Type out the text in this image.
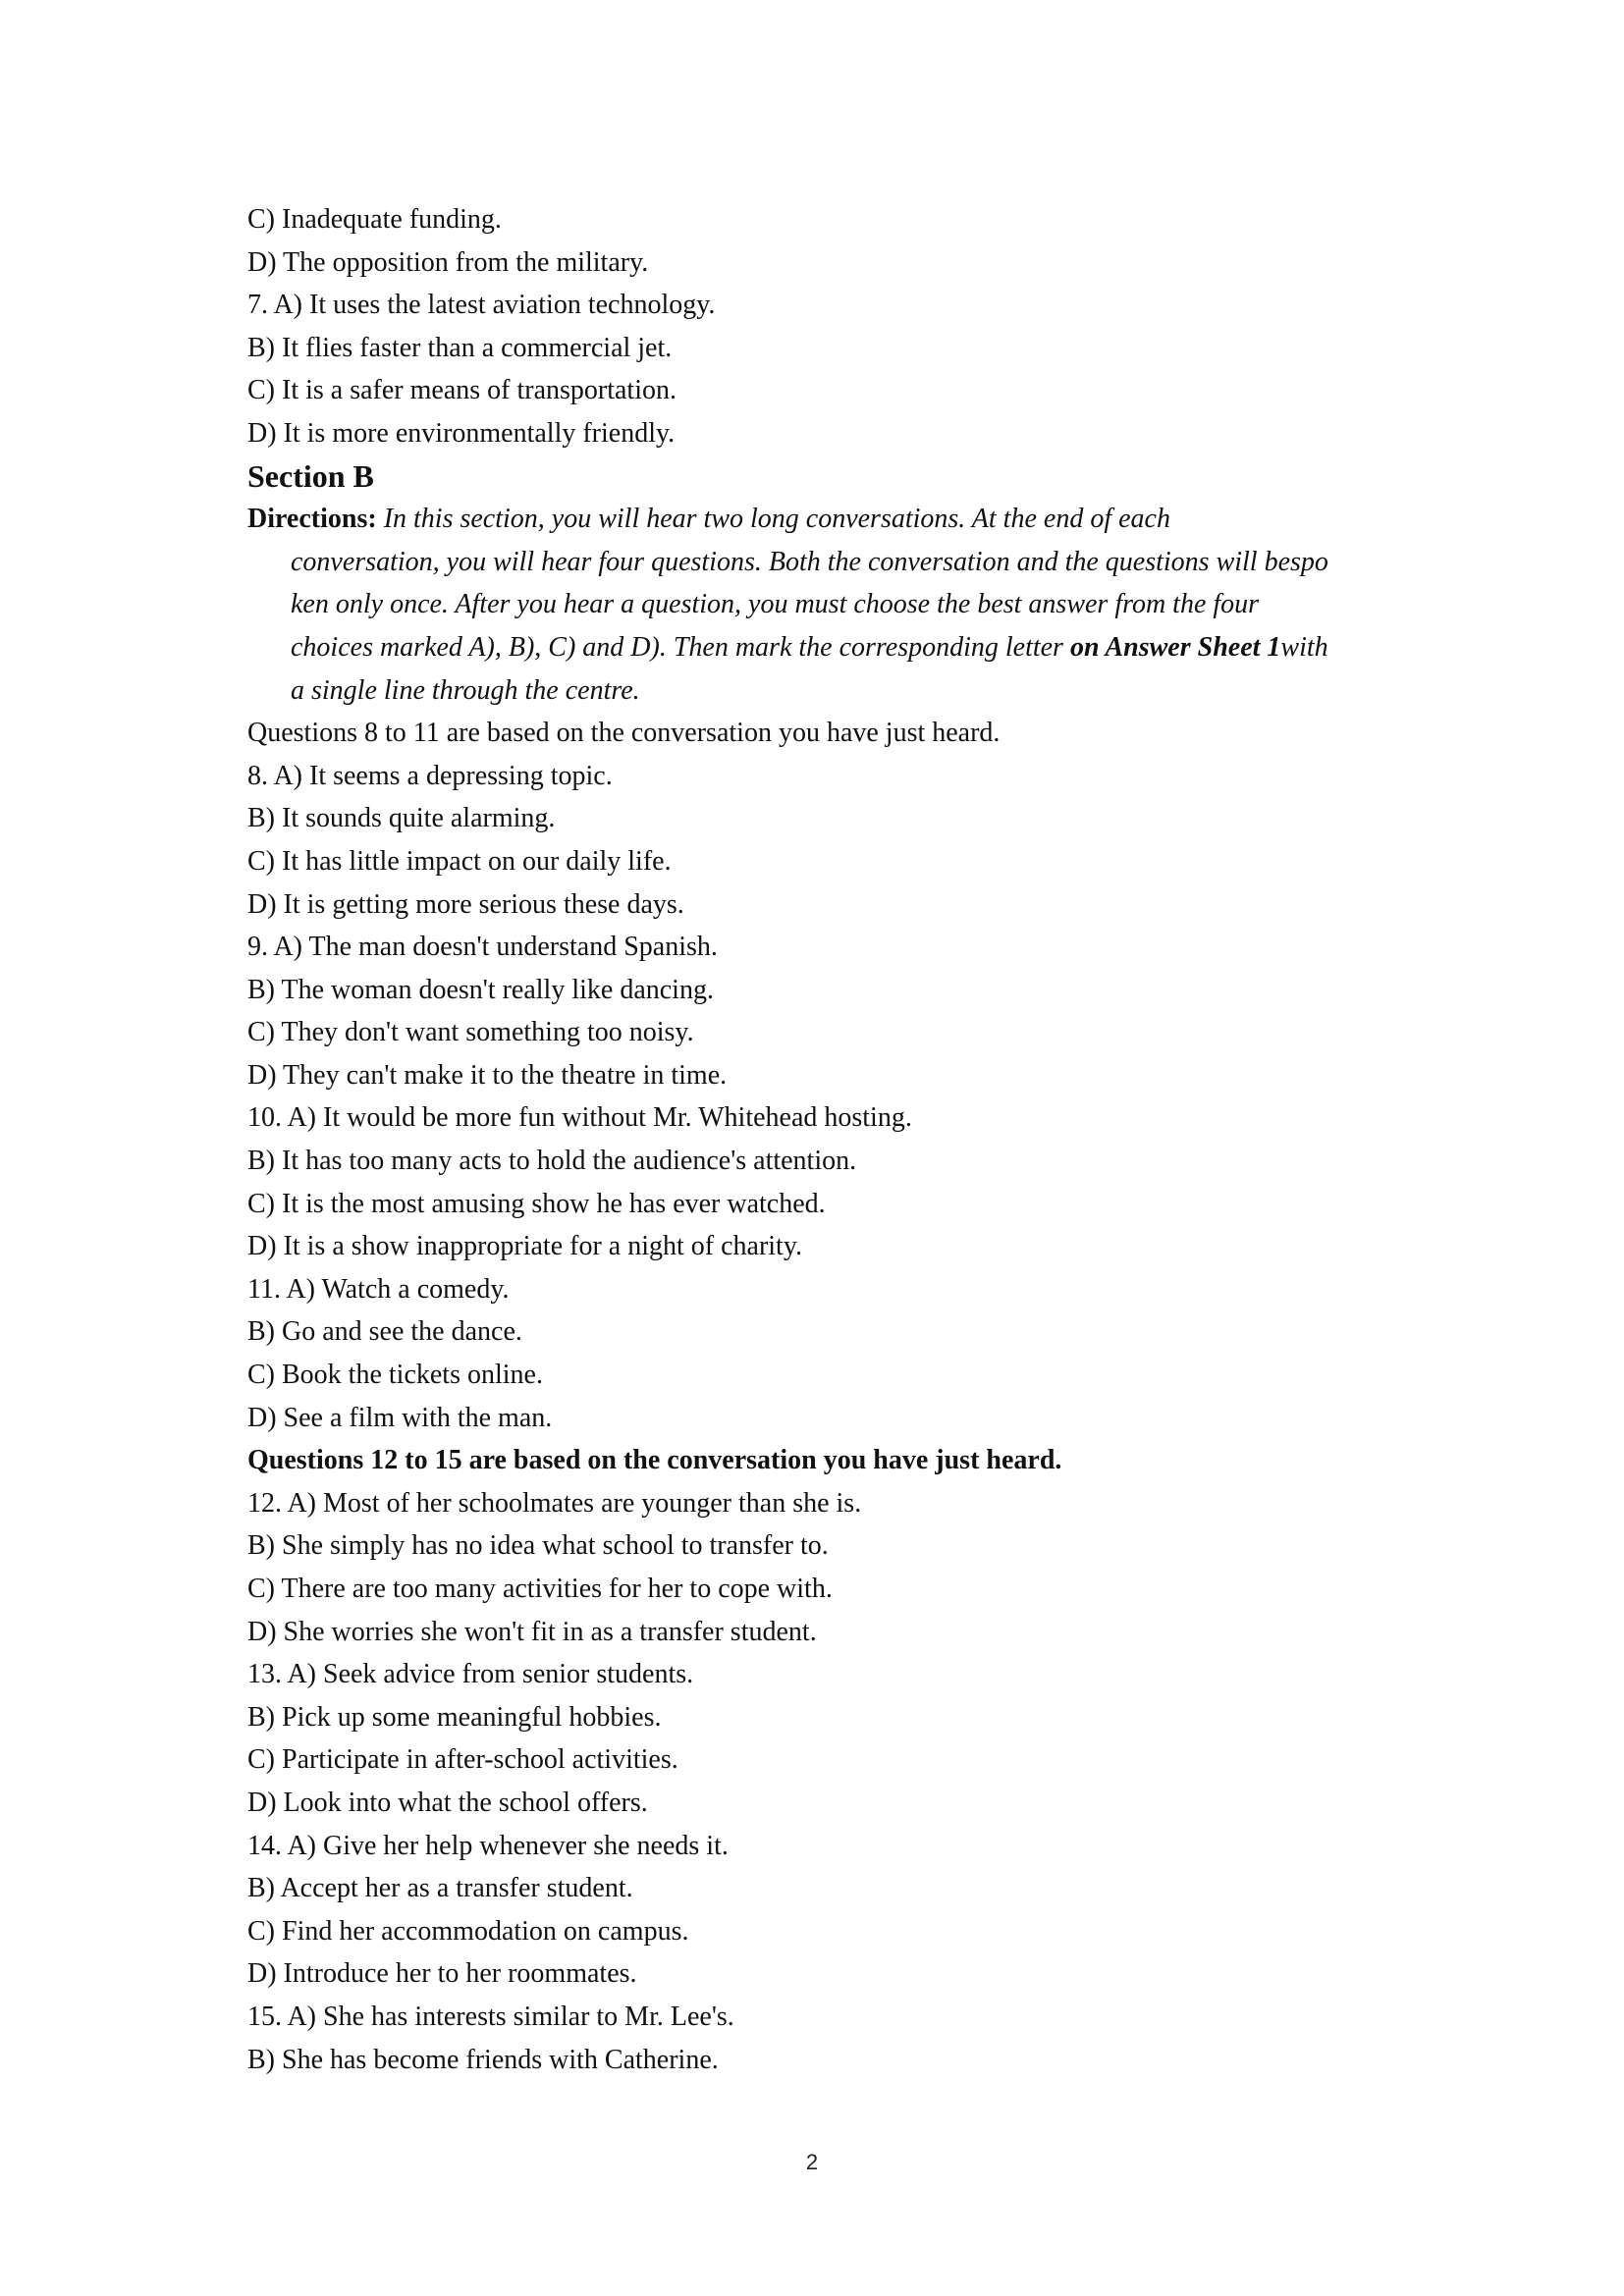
C) Inadequate funding.
D) The opposition from the military.
7. A) It uses the latest aviation technology.
B) It flies faster than a commercial jet.
C) It is a safer means of transportation.
D) It is more environmentally friendly.
Section B
Directions: In this section, you will hear two long conversations. At the end of each
conversation, you will hear four questions. Both the conversation and the questions will bespo
ken only once. After you hear a question, you must choose the best answer from the four
choices marked A), B), C) and D). Then mark the corresponding letter on Answer Sheet 1with
a single line through the centre.
Questions 8 to 11 are based on the conversation you have just heard.
8. A) It seems a depressing topic.
B) It sounds quite alarming.
C) It has little impact on our daily life.
D) It is getting more serious these days.
9. A) The man doesn't understand Spanish.
B) The woman doesn't really like dancing.
C) They don't want something too noisy.
D) They can't make it to the theatre in time.
10. A) It would be more fun without Mr. Whitehead hosting.
B) It has too many acts to hold the audience's attention.
C) It is the most amusing show he has ever watched.
D) It is a show inappropriate for a night of charity.
11. A) Watch a comedy.
B) Go and see the dance.
C) Book the tickets online.
D) See a film with the man.
Questions 12 to 15 are based on the conversation you have just heard.
12. A) Most of her schoolmates are younger than she is.
B) She simply has no idea what school to transfer to.
C) There are too many activities for her to cope with.
D) She worries she won't fit in as a transfer student.
13. A) Seek advice from senior students.
B) Pick up some meaningful hobbies.
C) Participate in after-school activities.
D) Look into what the school offers.
14. A) Give her help whenever she needs it.
B) Accept her as a transfer student.
C) Find her accommodation on campus.
D) Introduce her to her roommates.
15. A) She has interests similar to Mr. Lee's.
B) She has become friends with Catherine.
2
